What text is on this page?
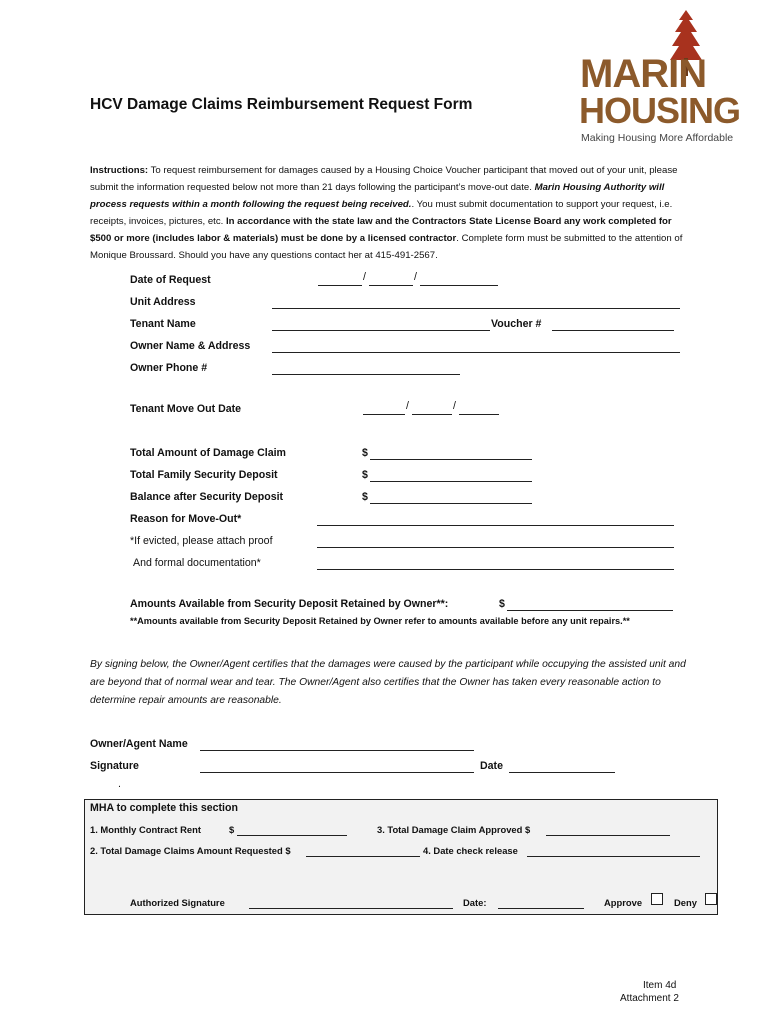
MARIN
HOUSING
Making Housing More Affordable
HCV Damage Claims Reimbursement Request Form
Instructions: To request reimbursement for damages caused by a Housing Choice Voucher participant that moved out of your unit, please submit the information requested below not more than 21 days following the participant’s move-out date. Marin Housing Authority will process requests within a month following the request being received.. You must submit documentation to support your request, i.e. receipts, invoices, pictures, etc. In accordance with the state law and the Contractors State License Board any work completed for $500 or more (includes labor & materials) must be done by a licensed contractor. Complete form must be submitted to the attention of Monique Broussard. Should you have any questions contact her at 415-491-2567.
Date of Request	/	/
Unit Address
Tenant Name	Voucher #
Owner Name & Address
Owner Phone #
Tenant Move Out Date	/	/
Total Amount of Damage Claim	$
Total Family Security Deposit	$
Balance after Security Deposit	$
Reason for Move-Out*
*If evicted, please attach proof
And formal documentation*
Amounts Available from Security Deposit Retained by Owner**:	$
**Amounts available from Security Deposit Retained by Owner refer to amounts available before any unit repairs.**
By signing below, the Owner/Agent certifies that the damages were caused by the participant while occupying the assisted unit and are beyond that of normal wear and tear. The Owner/Agent also certifies that the Owner has taken every reasonable action to determine repair amounts are reasonable.
Owner/Agent Name
Signature	Date
.
MHA to complete this section
1. Monthly Contract Rent	$	3. Total Damage Claim Approved $
2. Total Damage Claims Amount Requested $	4. Date check release
Authorized Signature	Date:	Approve	Deny
Item 4d
Attachment 2
